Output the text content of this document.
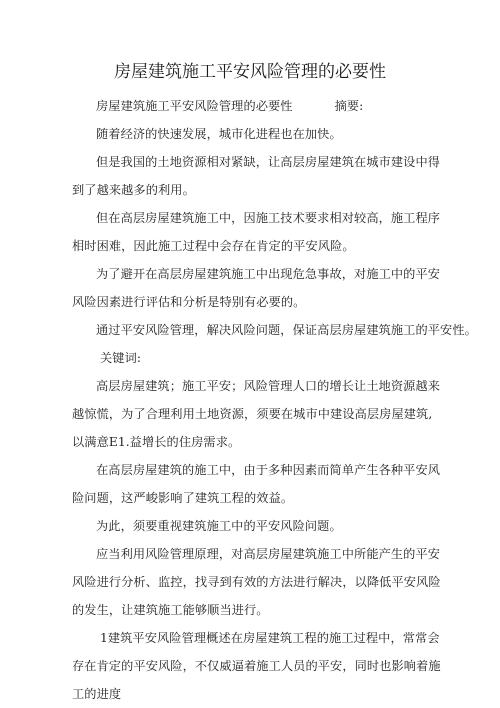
房屋建筑施工平安风险管理的必要性

房屋建筑施工平安风险管理的必要性	摘要:

随着经济的快速发展，城市化进程也在加快。

但是我国的土地资源相对紧缺，让高层房屋建筑在城市建设中得到了越来越多的利用。

但在高层房屋建筑施工中，因施工技术要求相对较高，施工程序相时困难，因此施工过程中会存在肯定的平安风险。

为了避开在高层房屋建筑施工中出现危急事故，对施工中的平安风险因素进行评估和分析是特别有必要的。

通过平安风险管理，解决风险问题，保证高层房屋建筑施工的平安性。

关键词:

高层房屋建筑；施工平安；风险管理人口的增长让土地资源越来越惊慌，为了合理利用土地资源，须要在城市中建设高层房屋建筑,以满意E1.益增长的住房需求。

在高层房屋建筑的施工中，由于多种因素而简单产生各种平安风险问题，这严峻影响了建筑工程的效益。

为此，须要重视建筑施工中的平安风险问题。

应当利用风险管理原理，对高层房屋建筑施工中所能产生的平安风险进行分析、监控，找寻到有效的方法进行解决，以降低平安风险的发生，让建筑施工能够顺当进行。

1建筑平安风险管理概述在房屋建筑工程的施工过程中，常常会存在肯定的平安风险，不仅威逼着施工人员的平安，同时也影响着施工的进度
